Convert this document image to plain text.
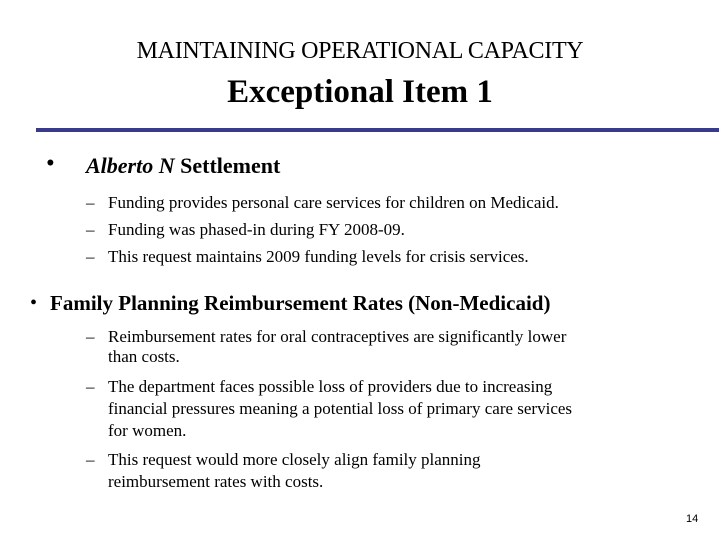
MAINTAINING OPERATIONAL CAPACITY
Exceptional Item 1
• Alberto N Settlement
– Funding provides personal care services for children on Medicaid.
– Funding was phased-in during FY 2008-09.
– This request maintains 2009 funding levels for crisis services.
• Family Planning Reimbursement Rates (Non-Medicaid)
– Reimbursement rates for oral contraceptives are significantly lower
than costs.
– The department faces possible loss of providers due to increasing
financial pressures meaning a potential loss of primary care services
for women.
– This request would more closely align family planning
reimbursement rates with costs.
14
